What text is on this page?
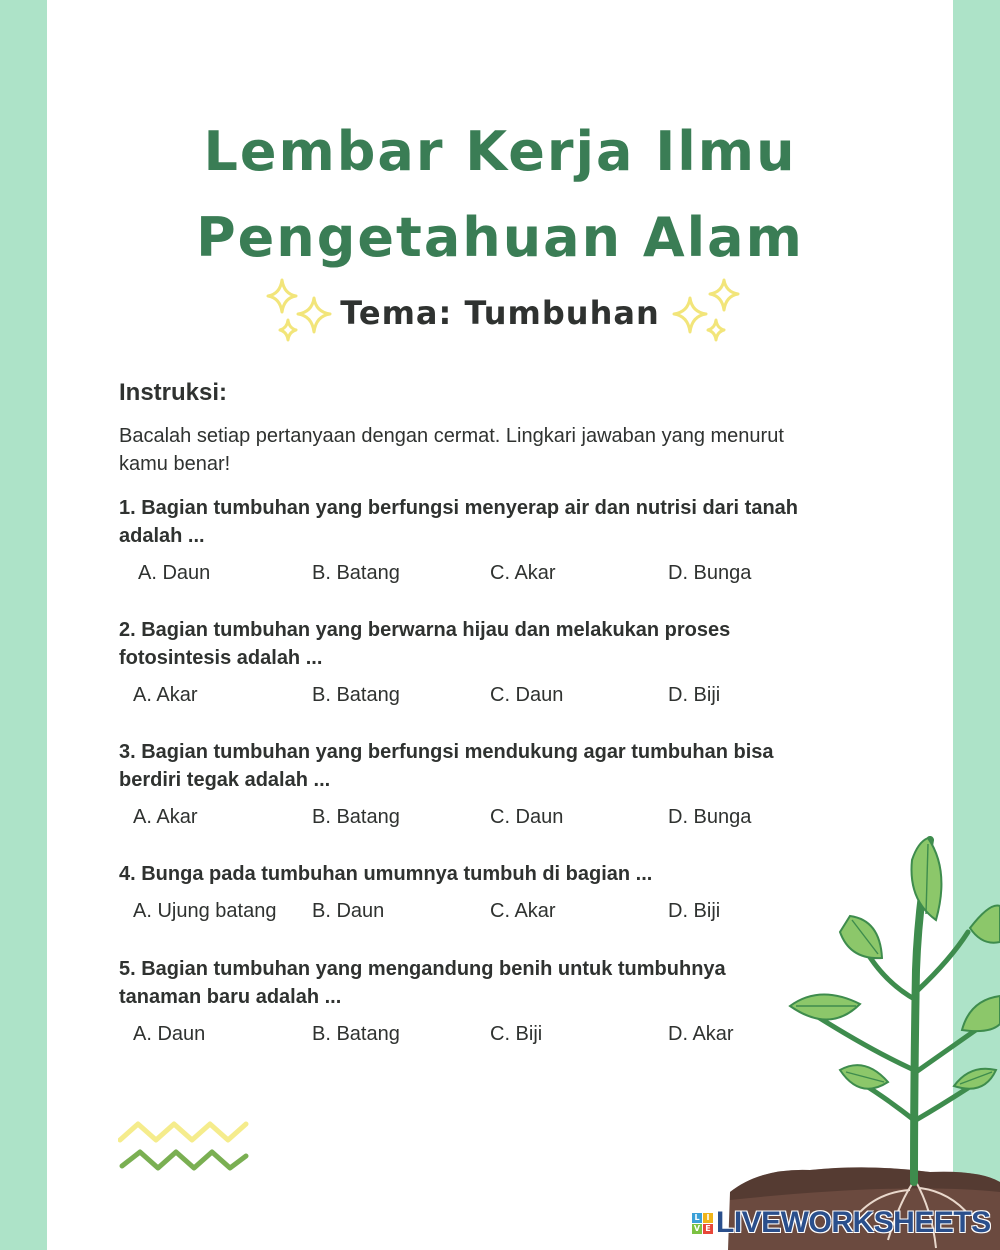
Lembar Kerja Ilmu
Pengetahuan Alam
Tema: Tumbuhan
Instruksi:
Bacalah setiap pertanyaan dengan cermat. Lingkari jawaban yang menurut kamu benar!
1. Bagian tumbuhan yang berfungsi menyerap air dan nutrisi dari tanah adalah ...
A. Daun	B. Batang	C. Akar	D. Bunga
2. Bagian tumbuhan yang berwarna hijau dan melakukan proses fotosintesis adalah ...
A. Akar	B. Batang	C. Daun	D. Biji
3. Bagian tumbuhan yang berfungsi mendukung agar tumbuhan bisa berdiri tegak adalah ...
A. Akar	B. Batang	C. Daun	D. Bunga
4. Bunga pada tumbuhan umumnya tumbuh di bagian ...
A. Ujung batang B. Daun	C. Akar	D. Biji
5. Bagian tumbuhan yang mengandung benih untuk tumbuhnya tanaman baru adalah ...
A. Daun	B. Batang	C. Biji	D. Akar
L I
V E LIVEWORKSHEETS
